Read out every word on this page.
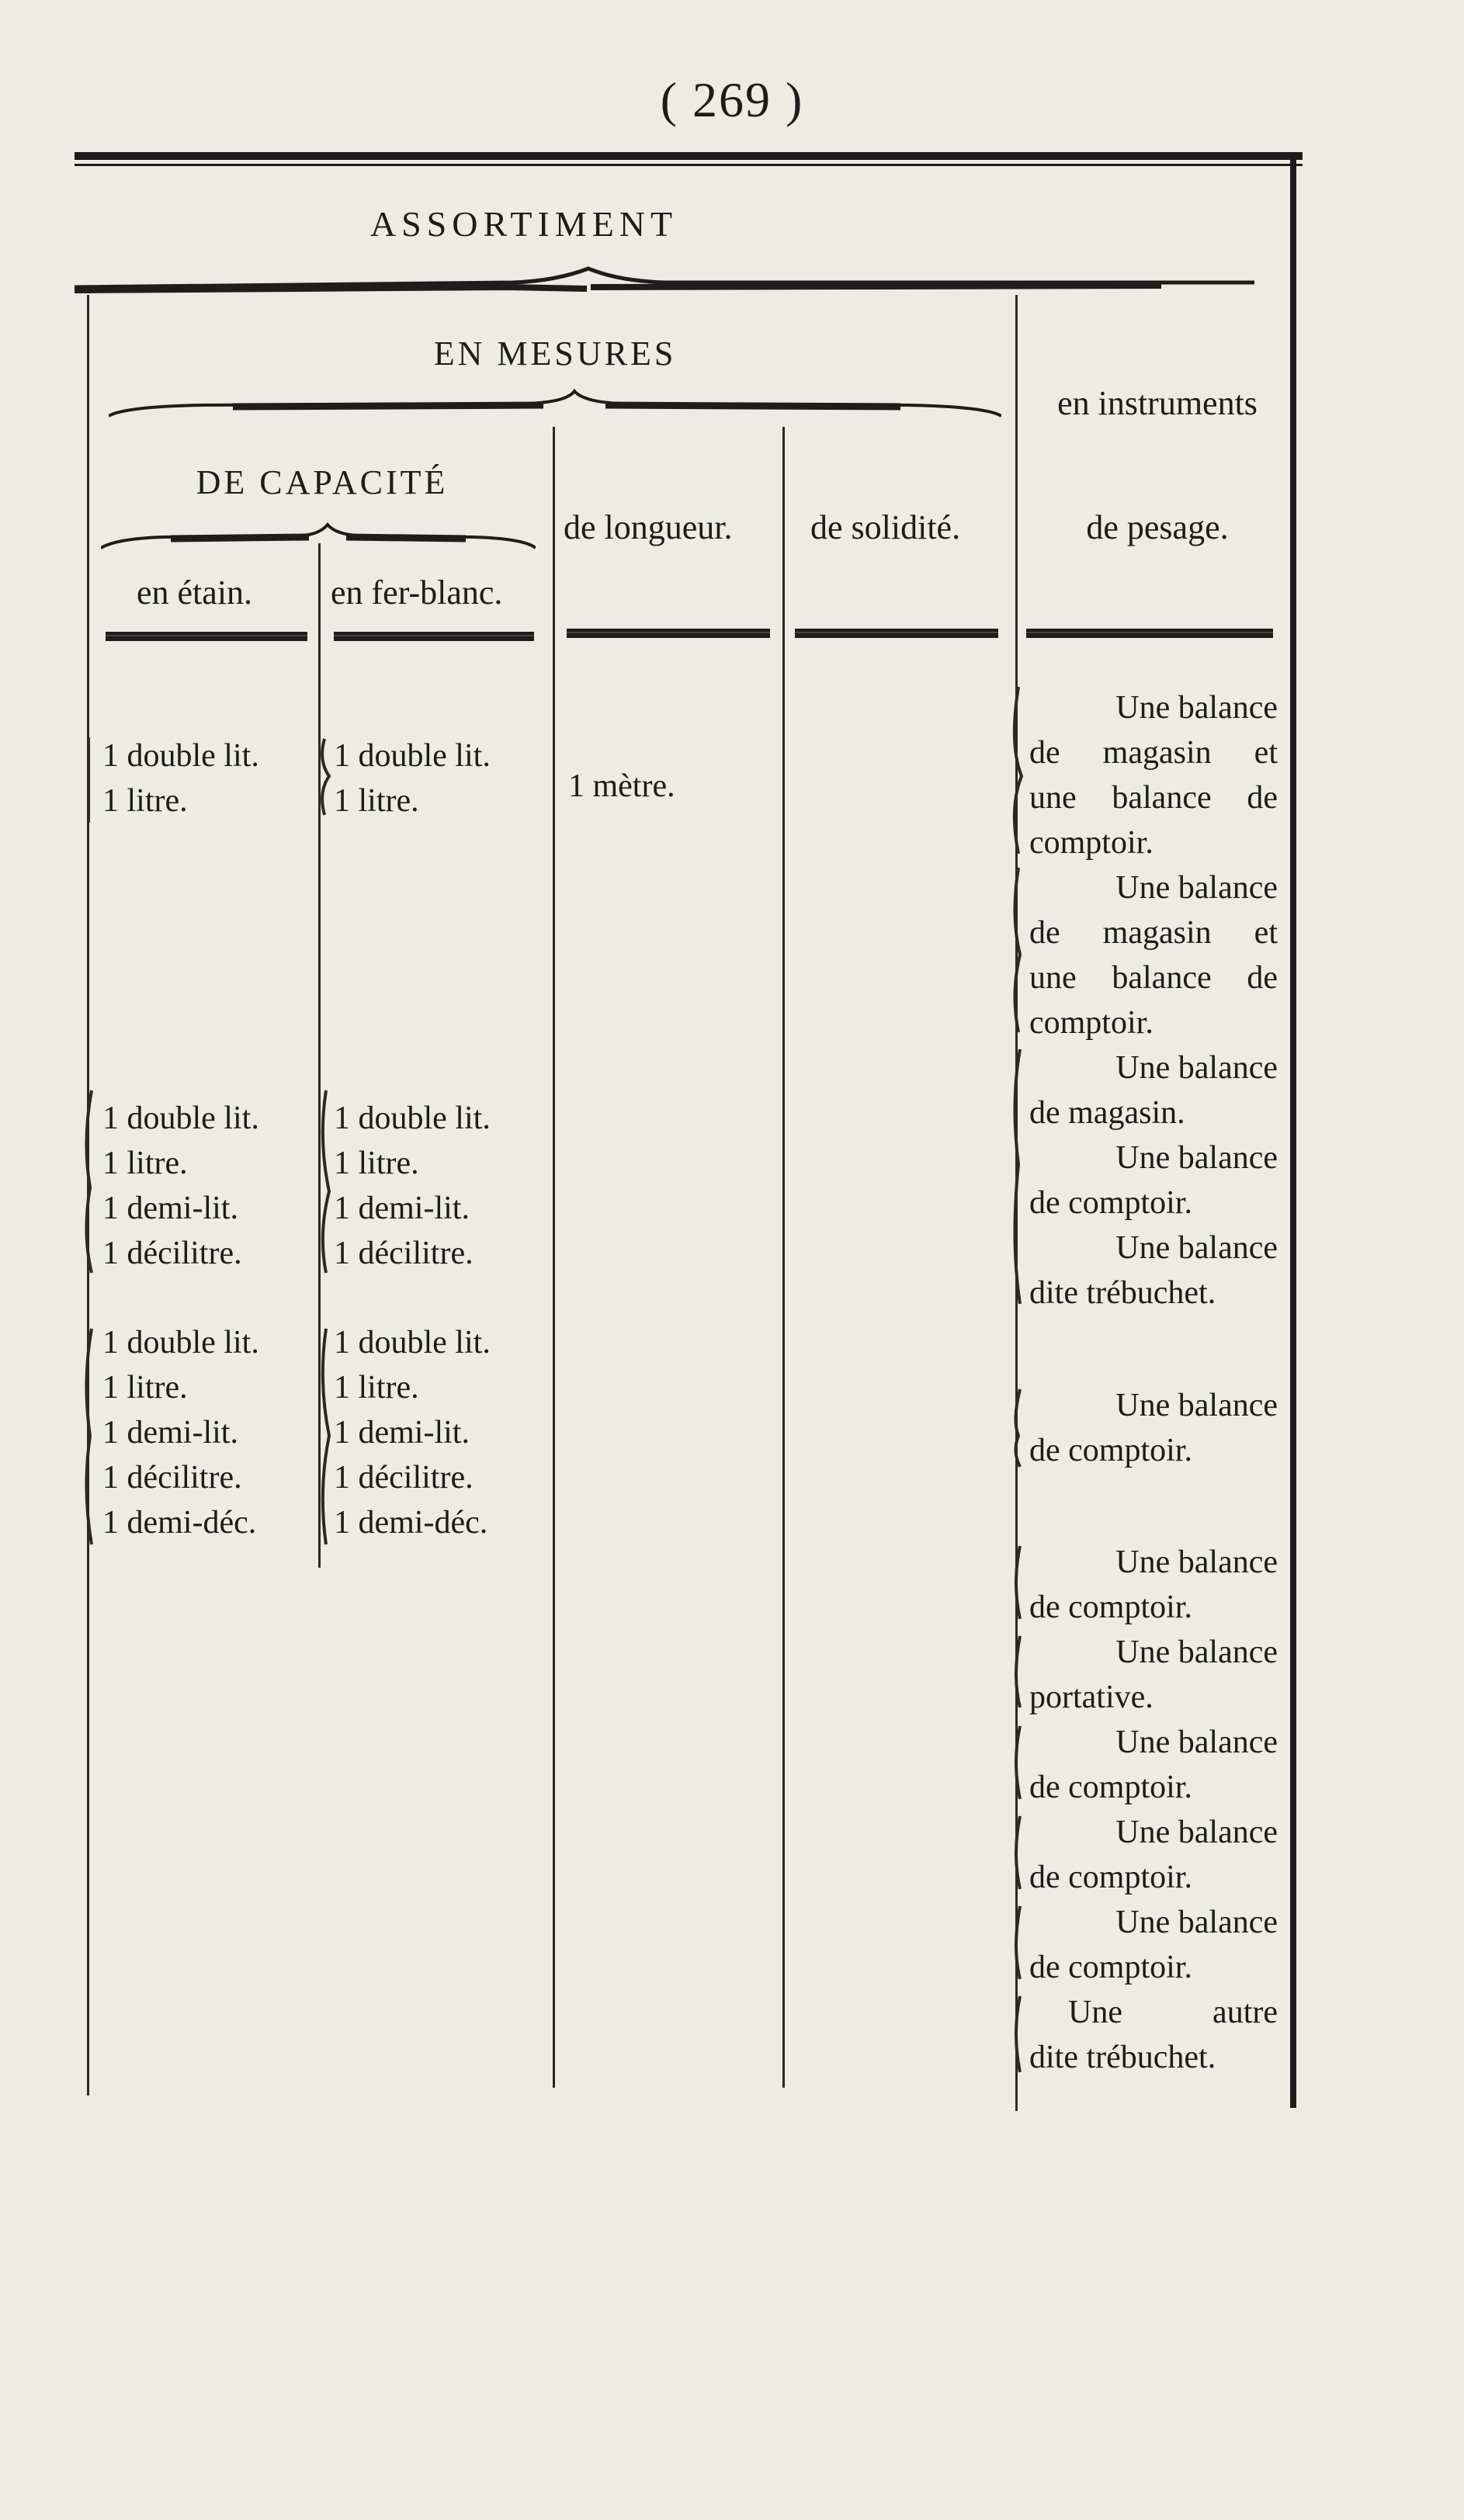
( 269 )
ASSORTIMENT
EN MESURES
DE CAPACITÉ
en étain. en fer-blanc.
de longueur. de solidité.
en instruments
de pesage.
1 double lit.
1 litre.
1 double lit.
1 litre.	1 mètre.
1 double lit.
1 litre.
1 demi-lit.
1 décilitre.
1 double lit.
1 litre.
1 demi-lit.
1 décilitre.
1 double lit.
1 litre.
1 demi-lit.
1 décilitre.
1 demi-déc.
1 double lit.
1 litre.
1 demi-lit.
1 décilitre.
1 demi-déc.
Une balance
de magasin et
une balance de
comptoir.
Une balance
de magasin et
une balance de
comptoir.
Une balance
de magasin.
Une balance
de comptoir.
Une balance
dite trébuchet.
Une balance
de comptoir.
Une balance
de comptoir.
Une balance
portative.
Une balance
de comptoir.
Une balance
de comptoir.
Une balance
de comptoir.
Une autre
dite trébuchet.
